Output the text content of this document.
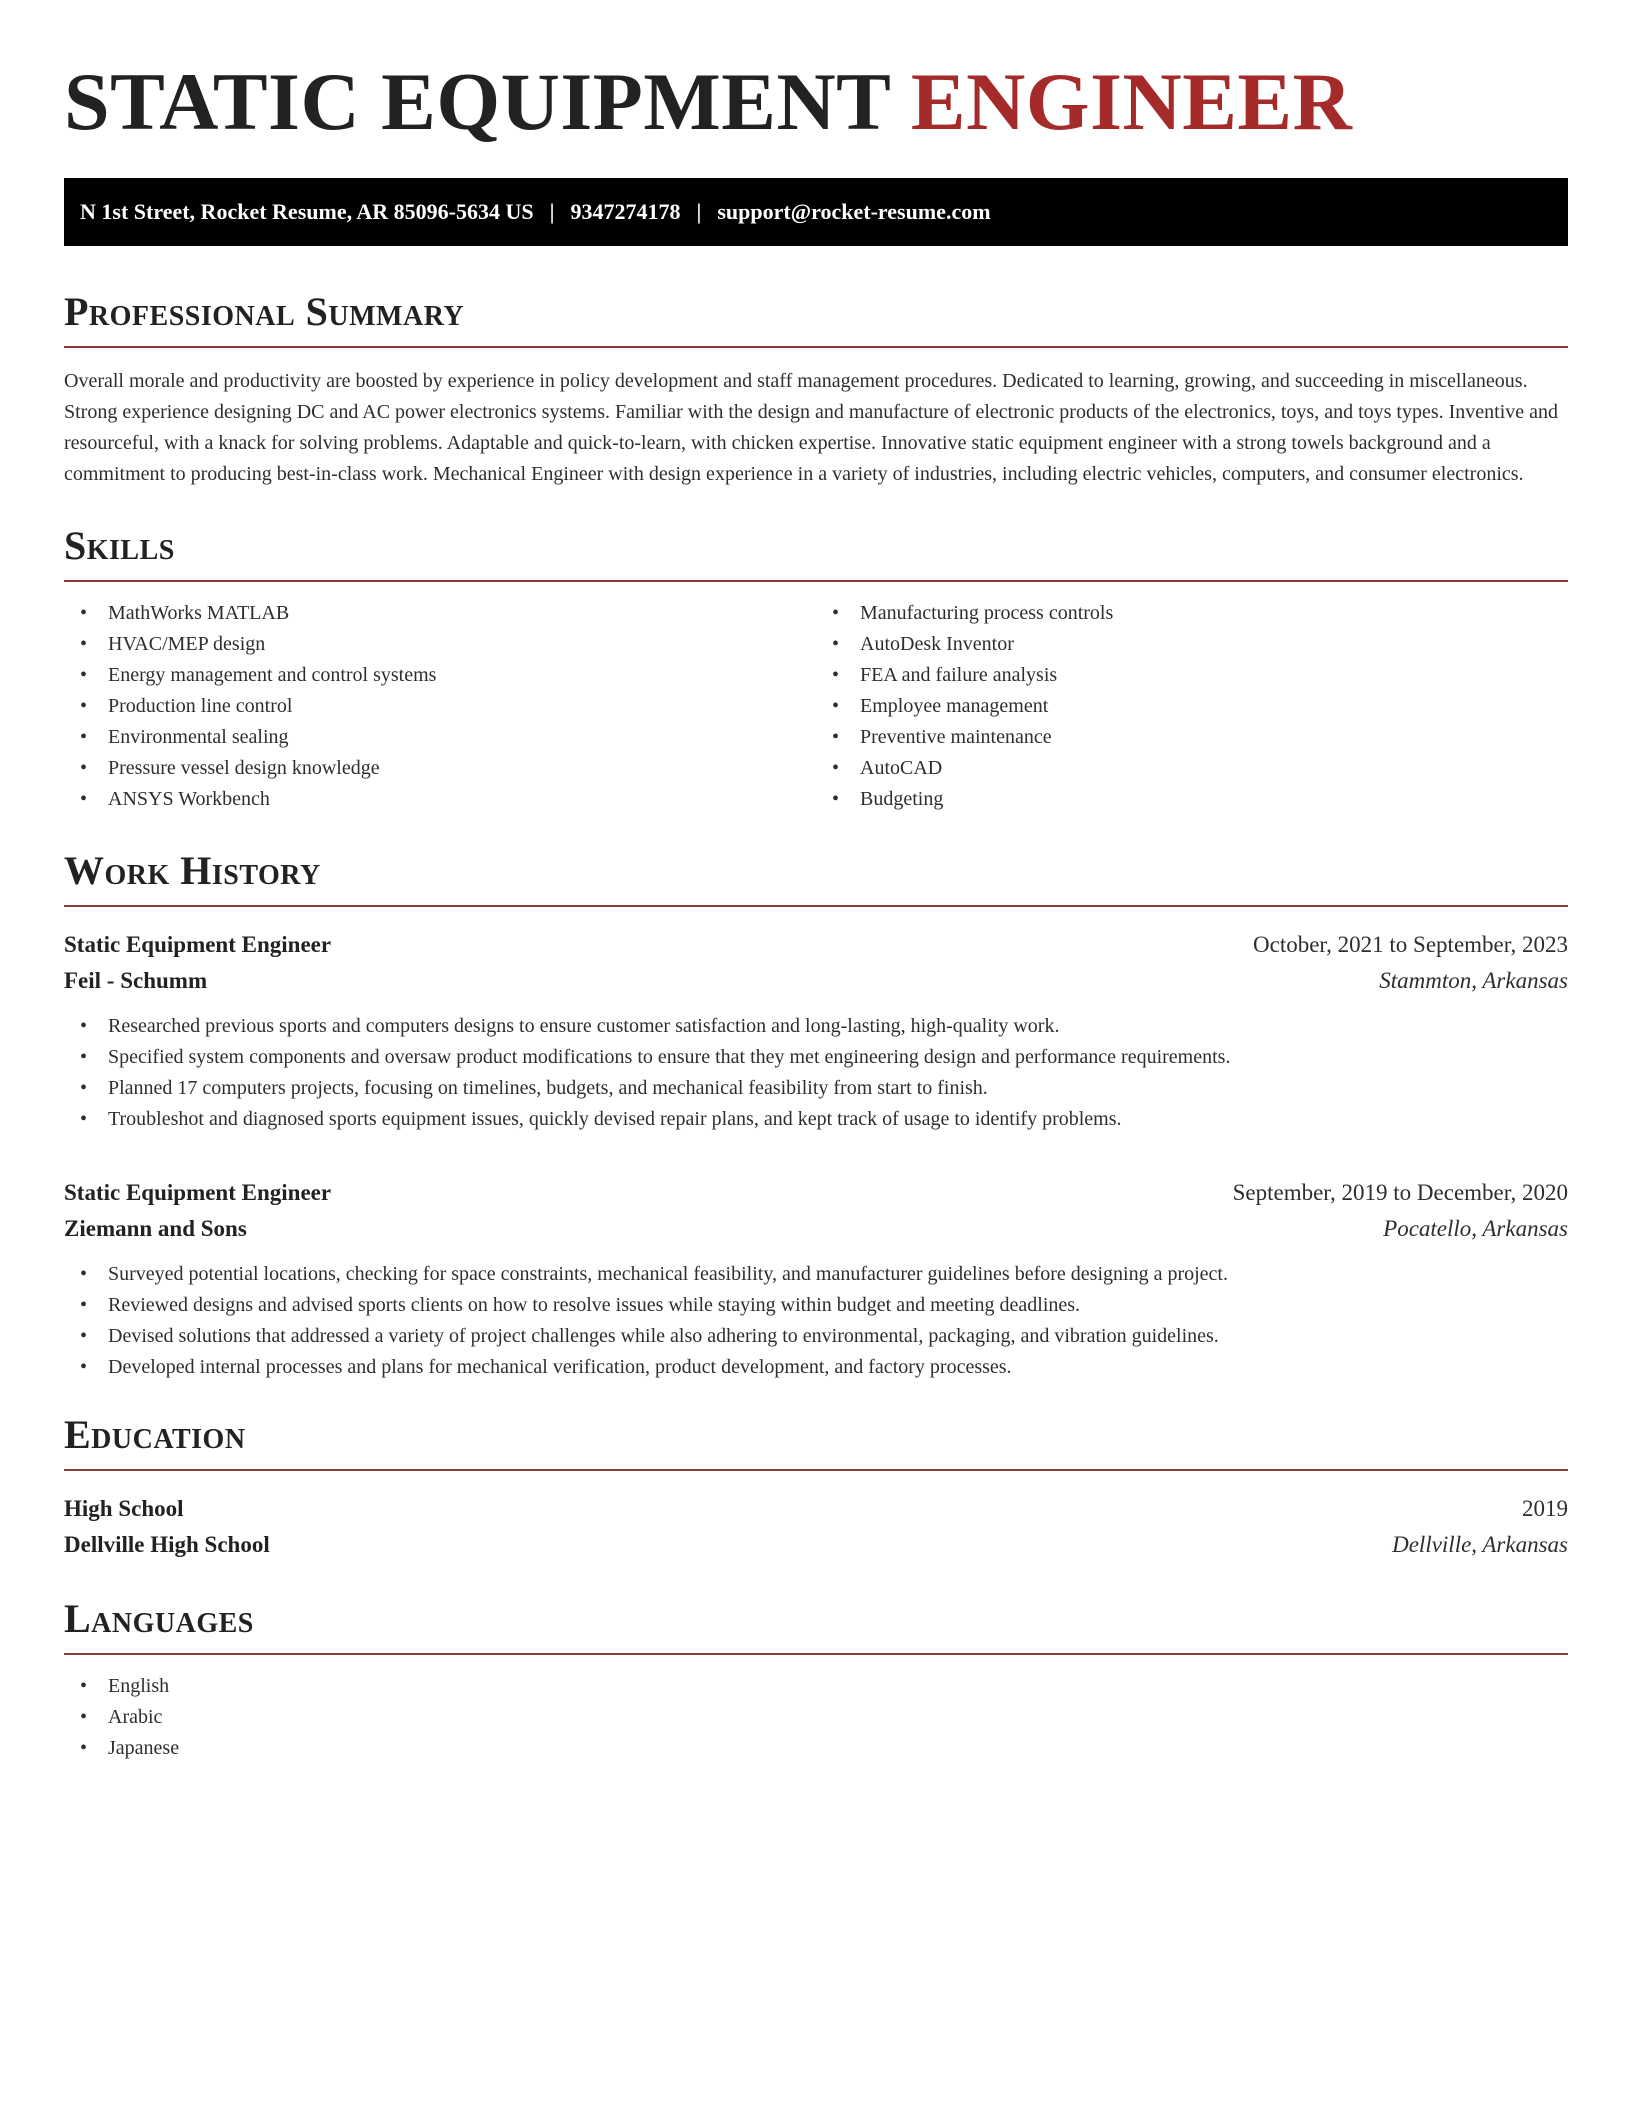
STATIC EQUIPMENT ENGINEER
N 1st Street, Rocket Resume, AR 85096-5634 US | 9347274178 | support@rocket-resume.com
Professional Summary

Overall morale and productivity are boosted by experience in policy development and staff management procedures. Dedicated to learning, growing, and succeeding in miscellaneous. Strong experience designing DC and AC power electronics systems. Familiar with the design and manufacture of electronic products of the electronics, toys, and toys types. Inventive and resourceful, with a knack for solving problems. Adaptable and quick-to-learn, with chicken expertise. Innovative static equipment engineer with a strong towels background and a commitment to producing best-in-class work. Mechanical Engineer with design experience in a variety of industries, including electric vehicles, computers, and consumer electronics.

Skills
• MathWorks MATLAB
• HVAC/MEP design
• Energy management and control systems
• Production line control
• Environmental sealing
• Pressure vessel design knowledge
• ANSYS Workbench
• Manufacturing process controls
• AutoDesk Inventor
• FEA and failure analysis
• Employee management
• Preventive maintenance
• AutoCAD
• Budgeting
Work History
Static Equipment Engineer	October, 2021 to September, 2023
Feil - Schumm	Stammton, Arkansas
• Researched previous sports and computers designs to ensure customer satisfaction and long-lasting, high-quality work.
• Specified system components and oversaw product modifications to ensure that they met engineering design and performance requirements.
• Planned 17 computers projects, focusing on timelines, budgets, and mechanical feasibility from start to finish.
• Troubleshot and diagnosed sports equipment issues, quickly devised repair plans, and kept track of usage to identify problems.
Static Equipment Engineer	September, 2019 to December, 2020
Ziemann and Sons	Pocatello, Arkansas
• Surveyed potential locations, checking for space constraints, mechanical feasibility, and manufacturer guidelines before designing a project.
• Reviewed designs and advised sports clients on how to resolve issues while staying within budget and meeting deadlines.
• Devised solutions that addressed a variety of project challenges while also adhering to environmental, packaging, and vibration guidelines.
• Developed internal processes and plans for mechanical verification, product development, and factory processes.
Education
High School	2019
Dellville High School	Dellville, Arkansas
Languages
• English
• Arabic
• Japanese
